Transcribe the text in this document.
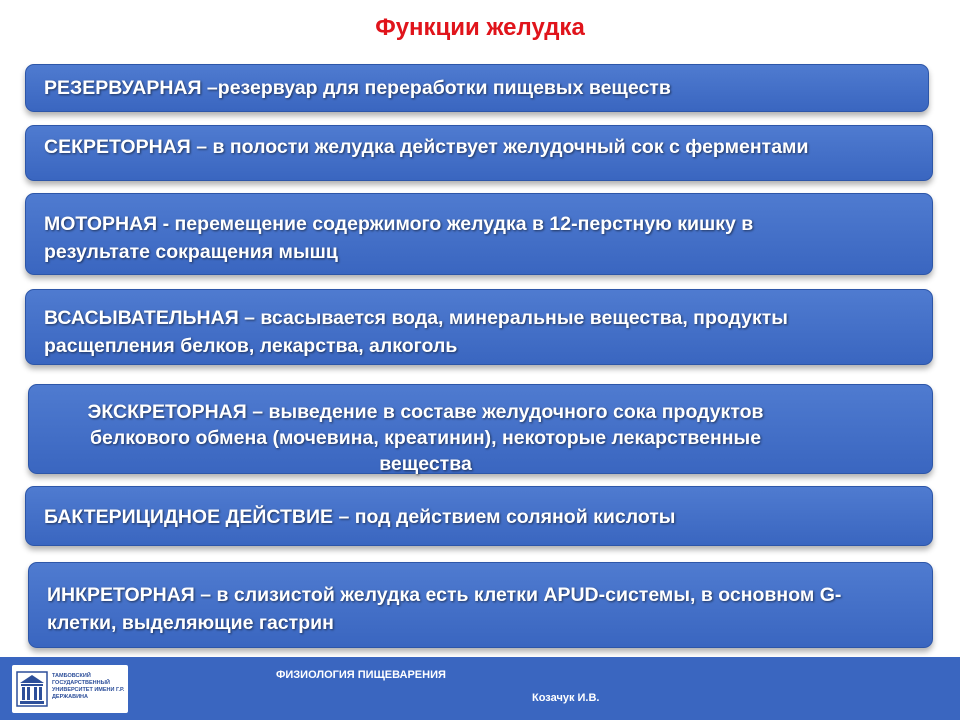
Функции желудка
РЕЗЕРВУАРНАЯ –резервуар для переработки пищевых веществ
СЕКРЕТОРНАЯ – в полости желудка действует желудочный сок с ферментами
МОТОРНАЯ - перемещение содержимого желудка в 12-перстную кишку в результате сокращения мышц
ВСАСЫВАТЕЛЬНАЯ – всасывается вода, минеральные вещества, продукты расщепления белков, лекарства, алкоголь
ЭКСКРЕТОРНАЯ – выведение в составе желудочного сока продуктов белкового обмена (мочевина, креатинин), некоторые лекарственные вещества
БАКТЕРИЦИДНОЕ ДЕЙСТВИЕ – под действием соляной кислоты
ИНКРЕТОРНАЯ – в слизистой желудка есть клетки APUD-системы, в основном G-клетки, выделяющие гастрин
ТАМБОВСКИЙ ГОСУДАРСТВЕННЫЙ УНИВЕРСИТЕТ ИМЕНИ Г.Р. ДЕРЖАВИНА
ФИЗИОЛОГИЯ ПИЩЕВАРЕНИЯ
Козачук И.В.
